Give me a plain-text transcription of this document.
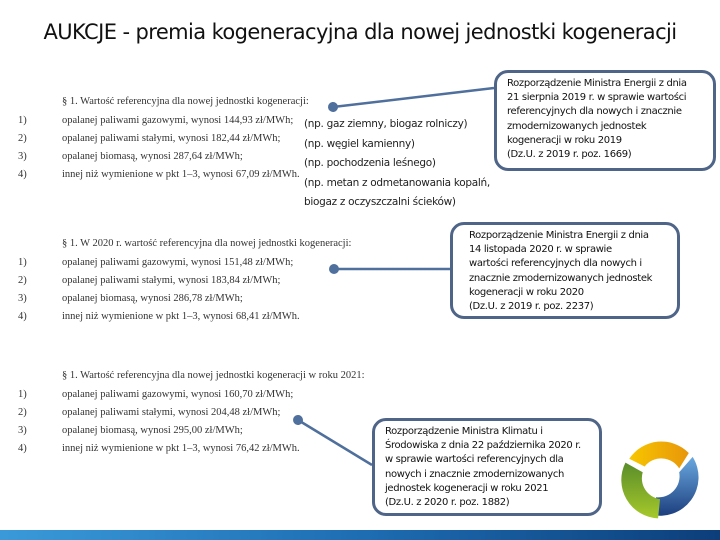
AUKCJE - premia kogeneracyjna dla nowej jednostki kogeneracji
§ 1. Wartość referencyjna dla nowej jednostki kogeneracji:
1)	opalanej paliwami gazowymi, wynosi 144,93 zł/MWh;
2)	opalanej paliwami stałymi, wynosi 182,44 zł/MWh;
3)	opalanej biomasą, wynosi 287,64 zł/MWh;
4)	innej niż wymienione w pkt 1–3, wynosi 67,09 zł/MWh.
(np. gaz ziemny, biogaz rolniczy)
(np. węgiel kamienny)
(np. pochodzenia leśnego)
(np. metan z odmetanowania kopalń,
biogaz z oczyszczalni ścieków)
§ 1. W 2020 r. wartość referencyjna dla nowej jednostki kogeneracji:
1)	opalanej paliwami gazowymi, wynosi 151,48 zł/MWh;
2)	opalanej paliwami stałymi, wynosi 183,84 zł/MWh;
3)	opalanej biomasą, wynosi 286,78 zł/MWh;
4)	innej niż wymienione w pkt 1–3, wynosi 68,41 zł/MWh.
§ 1. Wartość referencyjna dla nowej jednostki kogeneracji w roku 2021:
1)	opalanej paliwami gazowymi, wynosi 160,70 zł/MWh;
2)	opalanej paliwami stałymi, wynosi 204,48 zł/MWh;
3)	opalanej biomasą, wynosi 295,00 zł/MWh;
4)	innej niż wymienione w pkt 1–3, wynosi 76,42 zł/MWh.
Rozporządzenie Ministra Energii z dnia
21 sierpnia 2019 r. w sprawie wartości
referencyjnych dla nowych i znacznie
zmodernizowanych jednostek
kogeneracji w roku 2019
(Dz.U. z 2019 r. poz. 1669)
Rozporządzenie Ministra Energii z dnia
14 listopada 2020 r. w sprawie
wartości referencyjnych dla nowych i
znacznie zmodernizowanych jednostek
kogeneracji w roku 2020
(Dz.U. z 2019 r. poz. 2237)
Rozporządzenie Ministra Klimatu i
Środowiska z dnia 22 października 2020 r.
w sprawie wartości referencyjnych dla
nowych i znacznie zmodernizowanych
jednostek kogeneracji w roku 2021
(Dz.U. z 2020 r. poz. 1882)
